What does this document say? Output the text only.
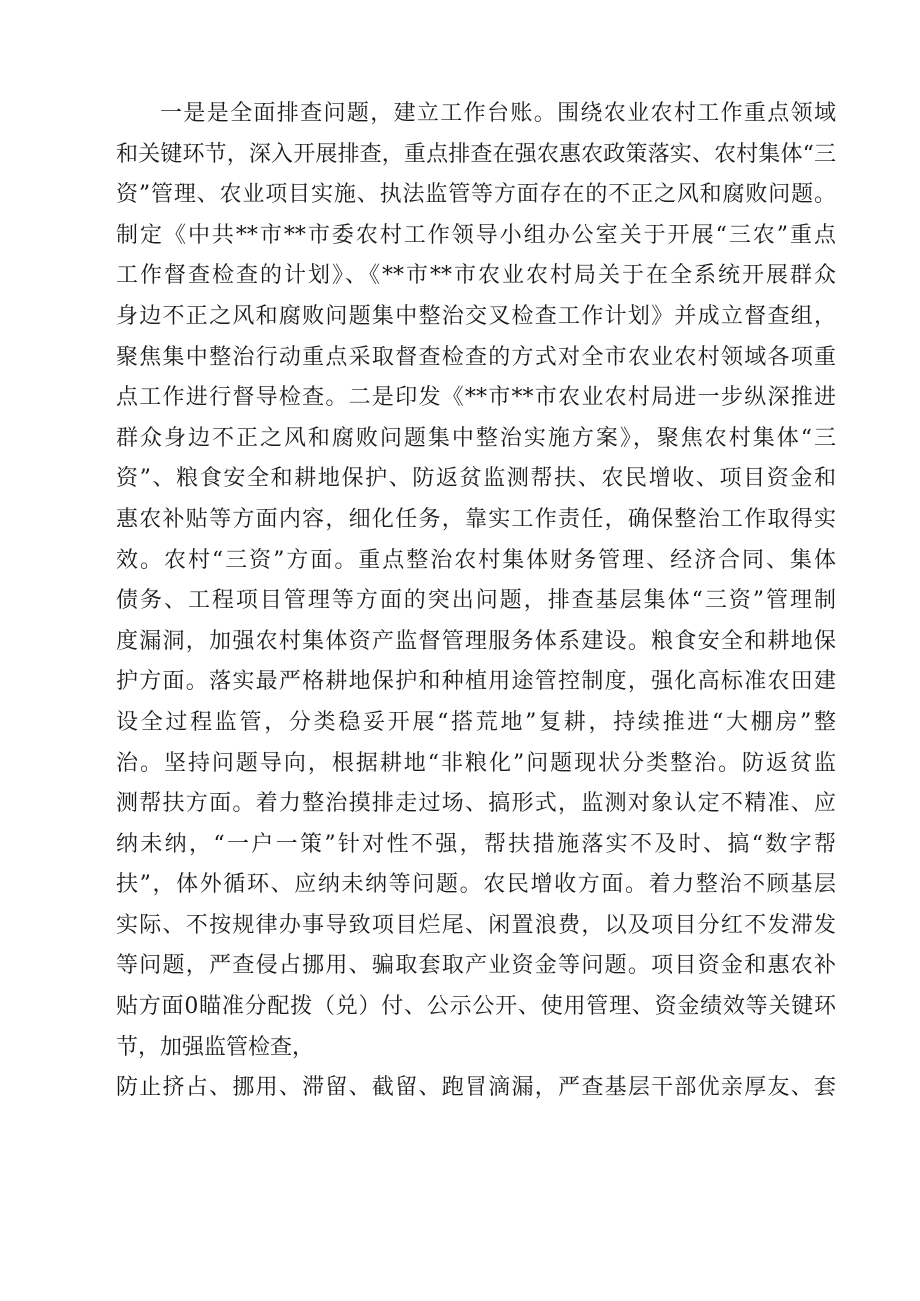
一是是全面排查问题，建立工作台账。围绕农业农村工作重点领域
和关键环节，深入开展排查，重点排查在强农惠农政策落实、农村集体“三
资”管理、农业项目实施、执法监管等方面存在的不正之风和腐败问题。
制定《中共**市**市委农村工作领导小组办公室关于开展“三农”重点
工作督查检查的计划》、《**市**市农业农村局关于在全系统开展群众
身边不正之风和腐败问题集中整治交叉检查工作计划》并成立督查组，
聚焦集中整治行动重点采取督查检查的方式对全市农业农村领域各项重
点工作进行督导检查。二是印发《**市**市农业农村局进一步纵深推进
群众身边不正之风和腐败问题集中整治实施方案》，聚焦农村集体“三
资”、粮食安全和耕地保护、防返贫监测帮扶、农民增收、项目资金和
惠农补贴等方面内容，细化任务，靠实工作责任，确保整治工作取得实
效。农村“三资”方面。重点整治农村集体财务管理、经济合同、集体
债务、工程项目管理等方面的突出问题，排查基层集体“三资”管理制
度漏洞，加强农村集体资产监督管理服务体系建设。粮食安全和耕地保
护方面。落实最严格耕地保护和种植用途管控制度，强化高标准农田建
设全过程监管，分类稳妥开展“搭荒地”复耕，持续推进“大棚房”整
治。坚持问题导向，根据耕地“非粮化”问题现状分类整治。防返贫监
测帮扶方面。着力整治摸排走过场、搞形式，监测对象认定不精准、应
纳未纳，“一户一策”针对性不强，帮扶措施落实不及时、搞“数字帮
扶”，体外循环、应纳未纳等问题。农民增收方面。着力整治不顾基层
实际、不按规律办事导致项目烂尾、闲置浪费，以及项目分红不发滞发
等问题，严查侵占挪用、骗取套取产业资金等问题。项目资金和惠农补
贴方面0瞄准分配拨（兑）付、公示公开、使用管理、资金绩效等关键环
节，加强监管检查，
防止挤占、挪用、滞留、截留、跑冒滴漏，严查基层干部优亲厚友、套
